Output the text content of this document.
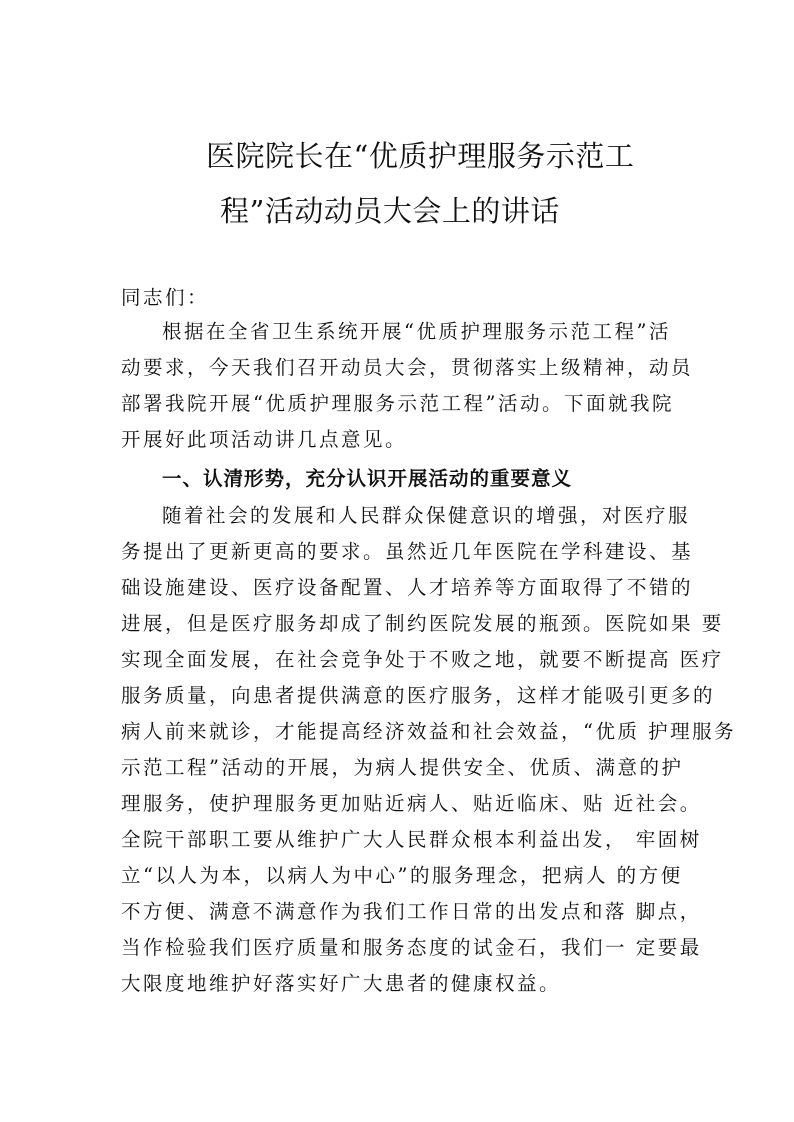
医院院长在“优质护理服务示范工
程”活动动员大会上的讲话
同志们：
根据在全省卫生系统开展“优质护理服务示范工程”活
动要求，今天我们召开动员大会，贯彻落实上级精神，动员
部署我院开展“优质护理服务示范工程”活动。下面就我院
开展好此项活动讲几点意见。
一、认清形势，充分认识开展活动的重要意义
随着社会的发展和人民群众保健意识的增强，对医疗服
务提出了更新更高的要求。虽然近几年医院在学科建设、基
础设施建设、医疗设备配置、人才培养等方面取得了不错的
进展，但是医疗服务却成了制约医院发展的瓶颈。医院如果 要
实现全面发展，在社会竞争处于不败之地，就要不断提高 医疗
服务质量，向患者提供满意的医疗服务，这样才能吸引更多的
病人前来就诊，才能提高经济效益和社会效益，“优质 护理服务
示范工程”活动的开展，为病人提供安全、优质、满意的护
理服务，使护理服务更加贴近病人、贴近临床、贴 近社会。
全院干部职工要从维护广大人民群众根本利益出发， 牢固树
立“以人为本，以病人为中心”的服务理念，把病人 的方便
不方便、满意不满意作为我们工作日常的出发点和落 脚点，
当作检验我们医疗质量和服务态度的试金石，我们一 定要最
大限度地维护好落实好广大患者的健康权益。
